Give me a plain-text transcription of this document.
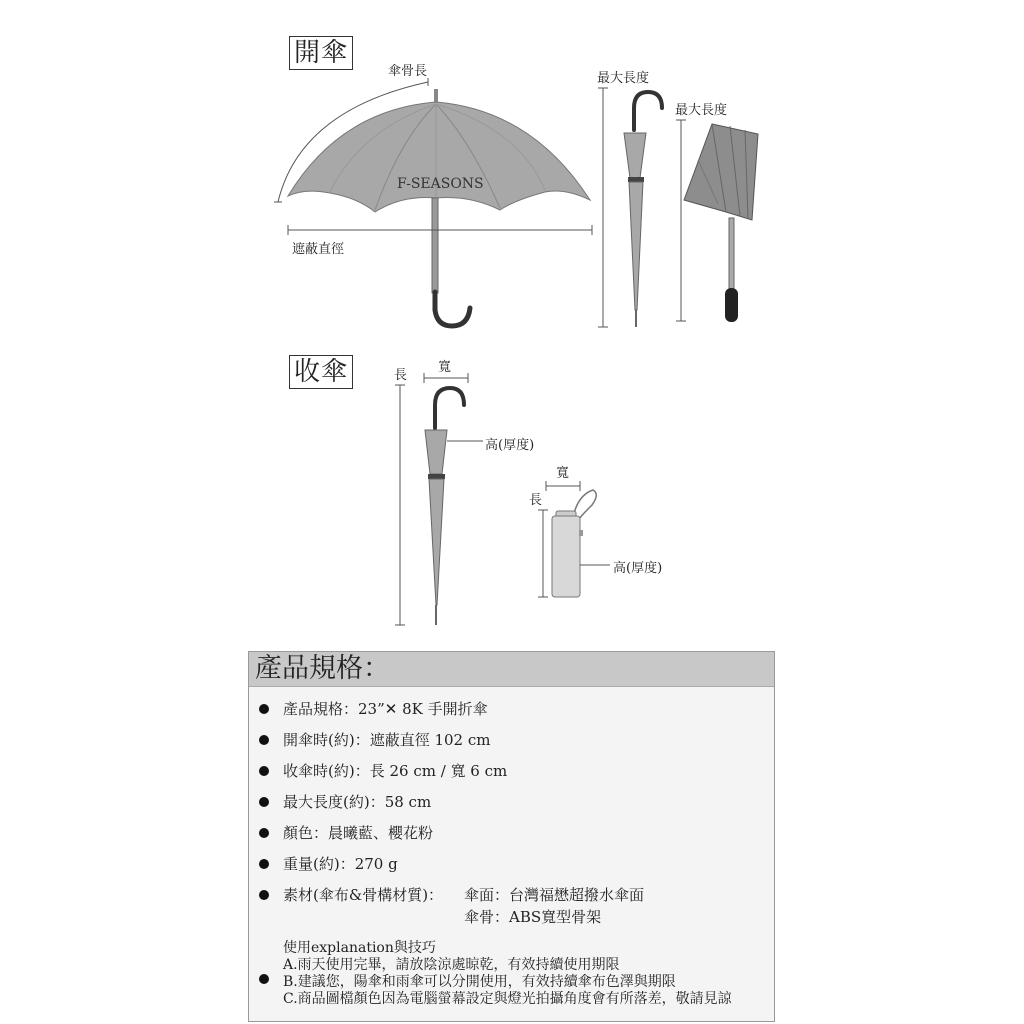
開傘
傘骨長
F-SEASONS
遮蔽直徑
最大長度
最大長度
收傘	長
寬
高(厚度)
寬
長
高(厚度)
產品規格：
產品規格：23”✕ 8K 手開折傘
開傘時(約)：遮蔽直徑 102 cm
收傘時(約)：長 26 cm / 寬 6 cm
最大長度(約)：58 cm
顏色：晨曦藍、櫻花粉
重量(約)：270 g
素材(傘布&骨構材質)： 傘面：台灣福懋超撥水傘面
傘骨：ABS寬型骨架
使用explanation與技巧
A.雨天使用完畢，請放陰涼處晾乾，有效持續使用期限
B.建議您，陽傘和雨傘可以分開使用，有效持續傘布色澤與期限
C.商品圖檔顏色因為電腦螢幕設定與燈光拍攝角度會有所落差，敬請見諒
